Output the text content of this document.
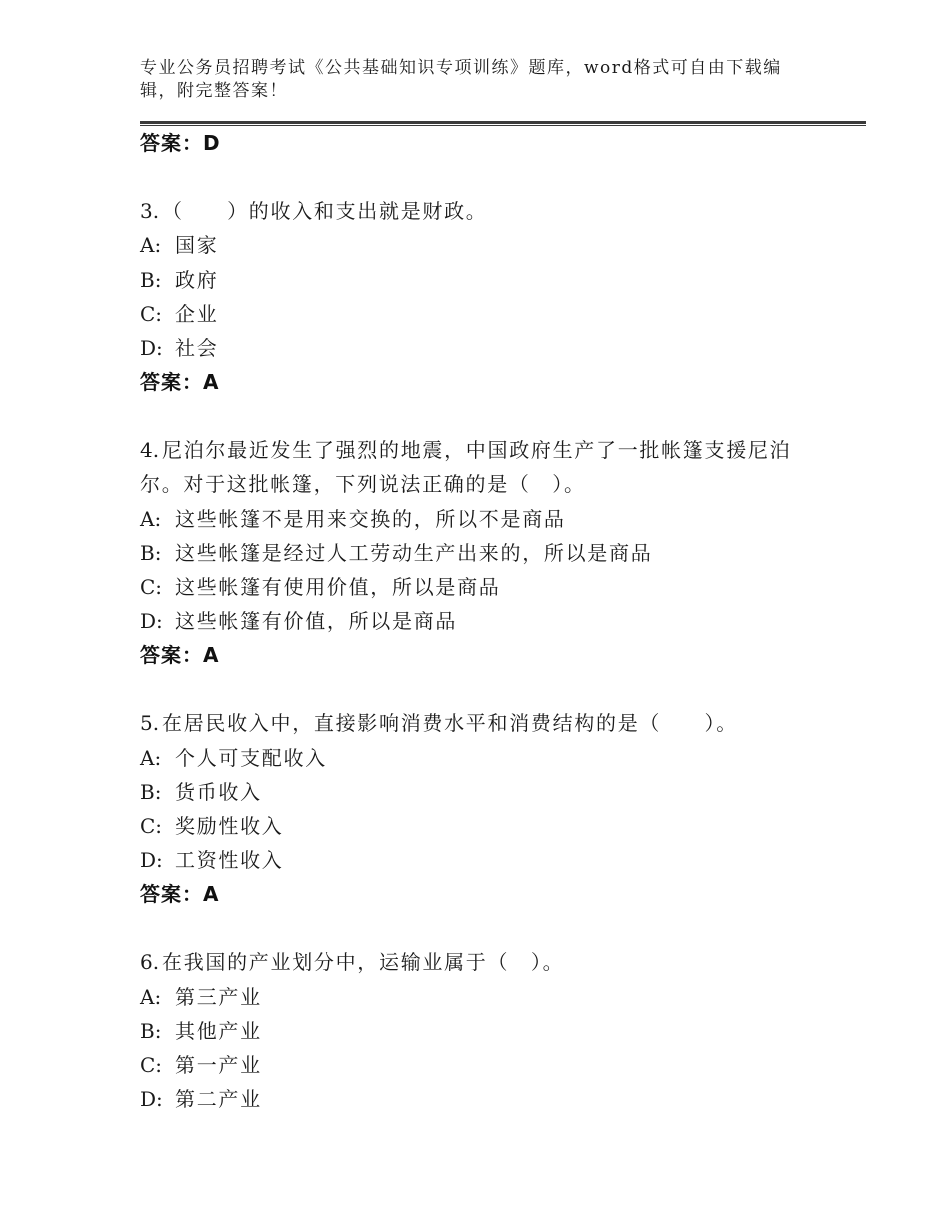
专业公务员招聘考试《公共基础知识专项训练》题库，word格式可自由下载编
辑，附完整答案！
答案：D
3. （　　）的收入和支出就是财政。
A: 国家
B: 政府
C: 企业
D: 社会
答案：A
4. 尼泊尔最近发生了强烈的地震，中国政府生产了一批帐篷支援尼泊
尔。对于这批帐篷，下列说法正确的是（　）。
A: 这些帐篷不是用来交换的，所以不是商品
B: 这些帐篷是经过人工劳动生产出来的，所以是商品
C: 这些帐篷有使用价值，所以是商品
D: 这些帐篷有价值，所以是商品
答案：A
5. 在居民收入中，直接影响消费水平和消费结构的是（　　）。
A: 个人可支配收入
B: 货币收入
C: 奖励性收入
D: 工资性收入
答案：A
6. 在我国的产业划分中，运输业属于（　）。
A: 第三产业
B: 其他产业
C: 第一产业
D: 第二产业
